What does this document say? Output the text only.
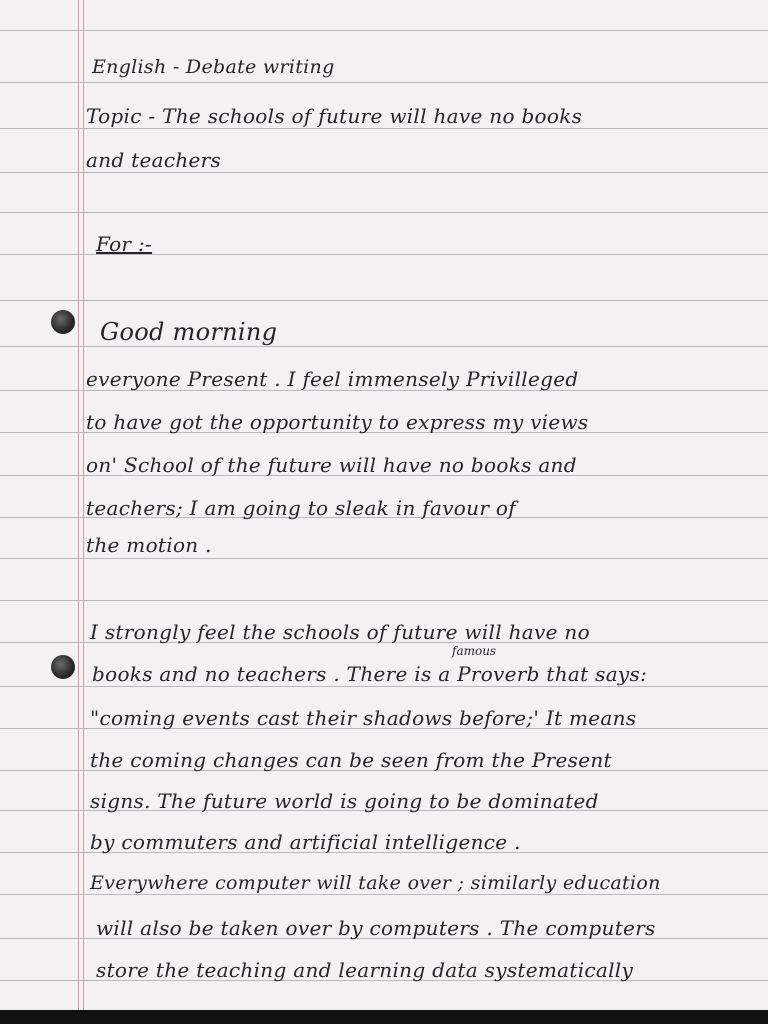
English - Debate writing
Topic - The schools of future will have no books
and teachers
For :-
Good morning
everyone Present . I feel immensely Privilleged
to have got the opportunity to express my views
on' School of the future will have no books and
teachers; I am going to sleak in favour of
the motion .
I strongly feel the schools of future will have no
famous
books and no teachers . There is a Proverb that says:
"coming events cast their shadows before;' It means
the coming changes can be seen from the Present
signs. The future world is going to be dominated
by commuters and artificial intelligence .
Everywhere computer will take over ; similarly education
will also be taken over by computers . The computers
store the teaching and learning data systematically
